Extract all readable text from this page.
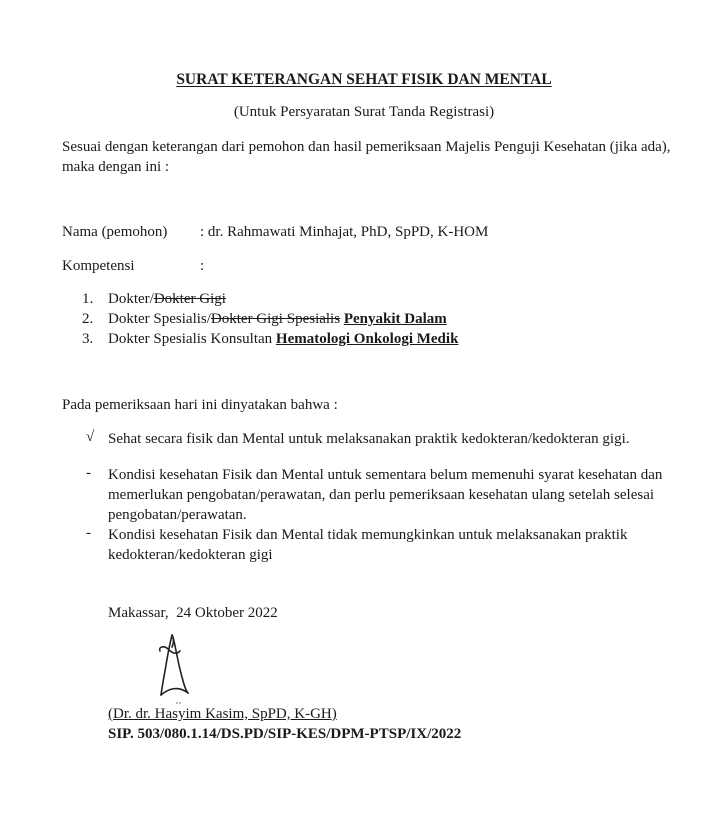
SURAT KETERANGAN SEHAT FISIK DAN MENTAL
(Untuk Persyaratan Surat Tanda Registrasi)
Sesuai dengan keterangan dari pemohon dan hasil pemeriksaan Majelis Penguji Kesehatan (jika ada), maka dengan ini :
Nama (pemohon) : dr. Rahmawati Minhajat, PhD, SpPD, K-HOM
Kompetensi	:
1. Dokter/Dokter Gigi
2. Dokter Spesialis/Dokter Gigi Spesialis Penyakit Dalam
3. Dokter Spesialis Konsultan Hematologi Onkologi Medik
Pada pemeriksaan hari ini dinyatakan bahwa :
√ Sehat secara fisik dan Mental untuk melaksanakan praktik kedokteran/kedokteran gigi.
-	Kondisi kesehatan Fisik dan Mental untuk sementara belum memenuhi syarat kesehatan dan memerlukan pengobatan/perawatan, dan perlu pemeriksaan kesehatan ulang setelah selesai pengobatan/perawatan.
-	Kondisi kesehatan Fisik dan Mental tidak memungkinkan untuk melaksanakan praktik kedokteran/kedokteran gigi
Makassar,  24 Oktober 2022
(Dr. dr. Hasyim Kasim, SpPD, K-GH)
SIP. 503/080.1.14/DS.PD/SIP-KES/DPM-PTSP/IX/2022
